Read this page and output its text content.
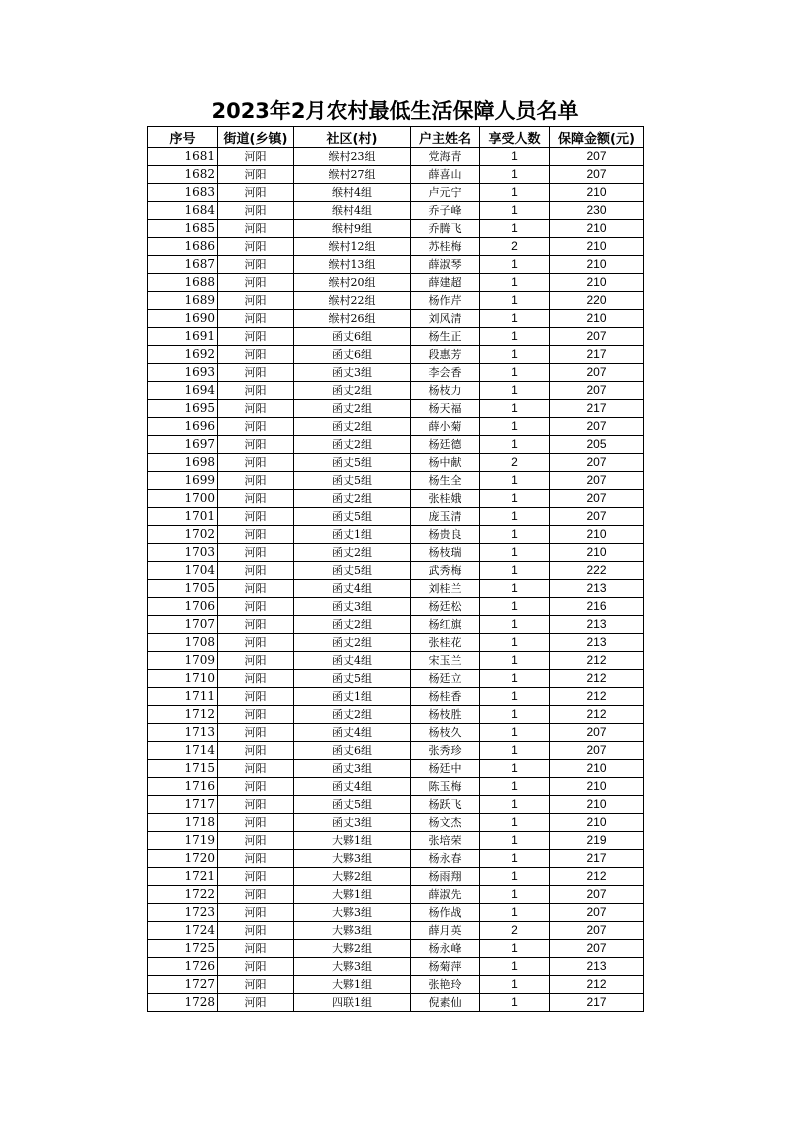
2023年2月农村最低生活保障人员名单
序号	街道(乡镇)	社区(村)	户主姓名	享受人数	保障金额(元)
1681	河阳	缑村23组	党海青	1	207
1682	河阳	缑村27组	薛喜山	1	207
1683	河阳	缑村4组	卢元宁	1	210
1684	河阳	缑村4组	乔子峰	1	230
1685	河阳	缑村9组	乔腾飞	1	210
1686	河阳	缑村12组	苏桂梅	2	210
1687	河阳	缑村13组	薛淑琴	1	210
1688	河阳	缑村20组	薛建超	1	210
1689	河阳	缑村22组	杨作芹	1	220
1690	河阳	缑村26组	刘风清	1	210
1691	河阳	函丈6组	杨生正	1	207
1692	河阳	函丈6组	段惠芳	1	217
1693	河阳	函丈3组	李会香	1	207
1694	河阳	函丈2组	杨枝力	1	207
1695	河阳	函丈2组	杨天福	1	217
1696	河阳	函丈2组	薛小菊	1	207
1697	河阳	函丈2组	杨廷德	1	205
1698	河阳	函丈5组	杨中献	2	207
1699	河阳	函丈5组	杨生全	1	207
1700	河阳	函丈2组	张桂娥	1	207
1701	河阳	函丈5组	庞玉清	1	207
1702	河阳	函丈1组	杨贵良	1	210
1703	河阳	函丈2组	杨枝瑞	1	210
1704	河阳	函丈5组	武秀梅	1	222
1705	河阳	函丈4组	刘桂兰	1	213
1706	河阳	函丈3组	杨廷松	1	216
1707	河阳	函丈2组	杨红旗	1	213
1708	河阳	函丈2组	张桂花	1	213
1709	河阳	函丈4组	宋玉兰	1	212
1710	河阳	函丈5组	杨廷立	1	212
1711	河阳	函丈1组	杨桂香	1	212
1712	河阳	函丈2组	杨枝胜	1	212
1713	河阳	函丈4组	杨枝久	1	207
1714	河阳	函丈6组	张秀珍	1	207
1715	河阳	函丈3组	杨廷中	1	210
1716	河阳	函丈4组	陈玉梅	1	210
1717	河阳	函丈5组	杨跃飞	1	210
1718	河阳	函丈3组	杨文杰	1	210
1719	河阳	大夥1组	张培荣	1	219
1720	河阳	大夥3组	杨永春	1	217
1721	河阳	大夥2组	杨雨翔	1	212
1722	河阳	大夥1组	薛淑先	1	207
1723	河阳	大夥3组	杨作战	1	207
1724	河阳	大夥3组	薛月英	2	207
1725	河阳	大夥2组	杨永峰	1	207
1726	河阳	大夥3组	杨菊萍	1	213
1727	河阳	大夥1组	张艳玲	1	212
1728	河阳	四联1组	倪素仙	1	217
